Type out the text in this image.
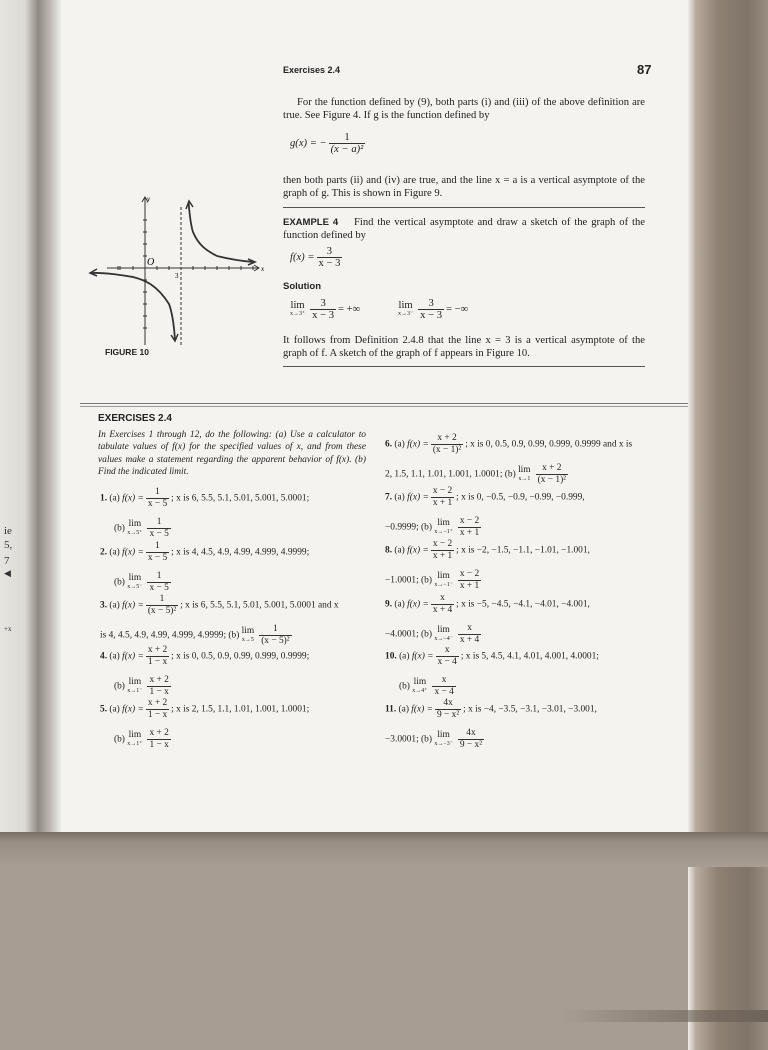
ie
5,
7
◀
+x
Exercises 2.4	87
For the function defined by (9), both parts (i) and (iii) of the above definition are true. See Figure 4. If g is the function defined by
g(x) = − $\frac{1}{\text{(x − a)²}}$
then both parts (ii) and (iv) are true, and the line x = a is a vertical asymptote of the graph of g. This is shown in Figure 9.
EXAMPLE 4 Find the vertical asymptote and draw a sketch of the graph of the function defined by
$f(x) = \frac{3}{x - 3}$
Solution
lim
$x\to 3^+ \frac{3}{x - 3}$ = +∞	lim
$x\to 3^- \frac{3}{x - 3}$ = −∞
It follows from Definition 2.4.8 that the line x = 3 is a vertical asymptote of the graph of f. A sketch of the graph of f appears in Figure 10.
y
x
O
3
FIGURE 10
EXERCISES 2.4
In Exercises 1 through 12, do the following: (a) Use a calculator to tabulate values of f(x) for the specified values of x, and from these values make a statement regarding the apparent behavior of f(x). (b) Find the indicated limit.
1. (a) $f(x) = \frac{1}{x - 5}$ ; x is 6, 5.5, 5.1, 5.01, 5.001, 5.0001;
(b)
lim
$x\to 5^+ \frac{1}{x - 5}$
2. (a) $f(x) = \frac{1}{x - 5}$ ; x is 4, 4.5, 4.9, 4.99, 4.999, 4.9999;
(b)
lim
$x\to 5^- \frac{1}{x - 5}$
3. (a) $f(x) = \frac{1}{\text{(x − 5)²}}$ ; x is 6, 5.5, 5.1, 5.01, 5.001, 5.0001 and x
is 4, 4.5, 4.9, 4.99, 4.999, 4.9999; (b)
lim
$x\to 5 \frac{1}{\text{(x − 5)²}}$
4. (a) $f(x) = \frac{x + 2}{1 - x}$ ; x is 0, 0.5, 0.9, 0.99, 0.999, 0.9999;
(b)
lim
$x\to 1^- \frac{x + 2}{1 - x}$
5. (a) $f(x) = \frac{x + 2}{1 - x}$ ; x is 2, 1.5, 1.1, 1.01, 1.001, 1.0001;
(b)
lim
$x\to 1^+ \frac{x + 2}{1 - x}$
6. (a) $f(x) = \frac{x + 2}{\text{(x − 1)²}}$ ; x is 0, 0.5, 0.9, 0.99, 0.999, 0.9999 and x is
2, 1.5, 1.1, 1.01, 1.001, 1.0001; (b)
lim
$x\to 1 \frac{x + 2}{\text{(x − 1)²}}$
7. (a) $f(x) = \frac{x - 2}{x + 1}$ ; x is 0, −0.5, −0.9, −0.99, −0.999,
−0.9999; (b)
lim
$x\to-1^+ \frac{x - 2}{x + 1}$
8. (a) $f(x) = \frac{x - 2}{x + 1}$ ; x is −2, −1.5, −1.1, −1.01, −1.001,
−1.0001; (b)
lim
$x\to-1^- \frac{x - 2}{x + 1}$
9. (a) $f(x) = \frac{x}{x + 4}$ ; x is −5, −4.5, −4.1, −4.01, −4.001,
−4.0001; (b)
lim
$x\to-4^- \frac{x}{x + 4}$
10. (a) $f(x) = \frac{x}{x - 4}$ ; x is 5, 4.5, 4.1, 4.01, 4.001, 4.0001;
(b)
lim
$x\to 4^+ \frac{x}{x - 4}$
11. (a) $f(x) = \frac{4x}{\text{9 − x²}}$ ; x is −4, −3.5, −3.1, −3.01, −3.001,
−3.0001; (b)
lim
$x\to-3^- \frac{4x}{\text{9 − x²}}$
